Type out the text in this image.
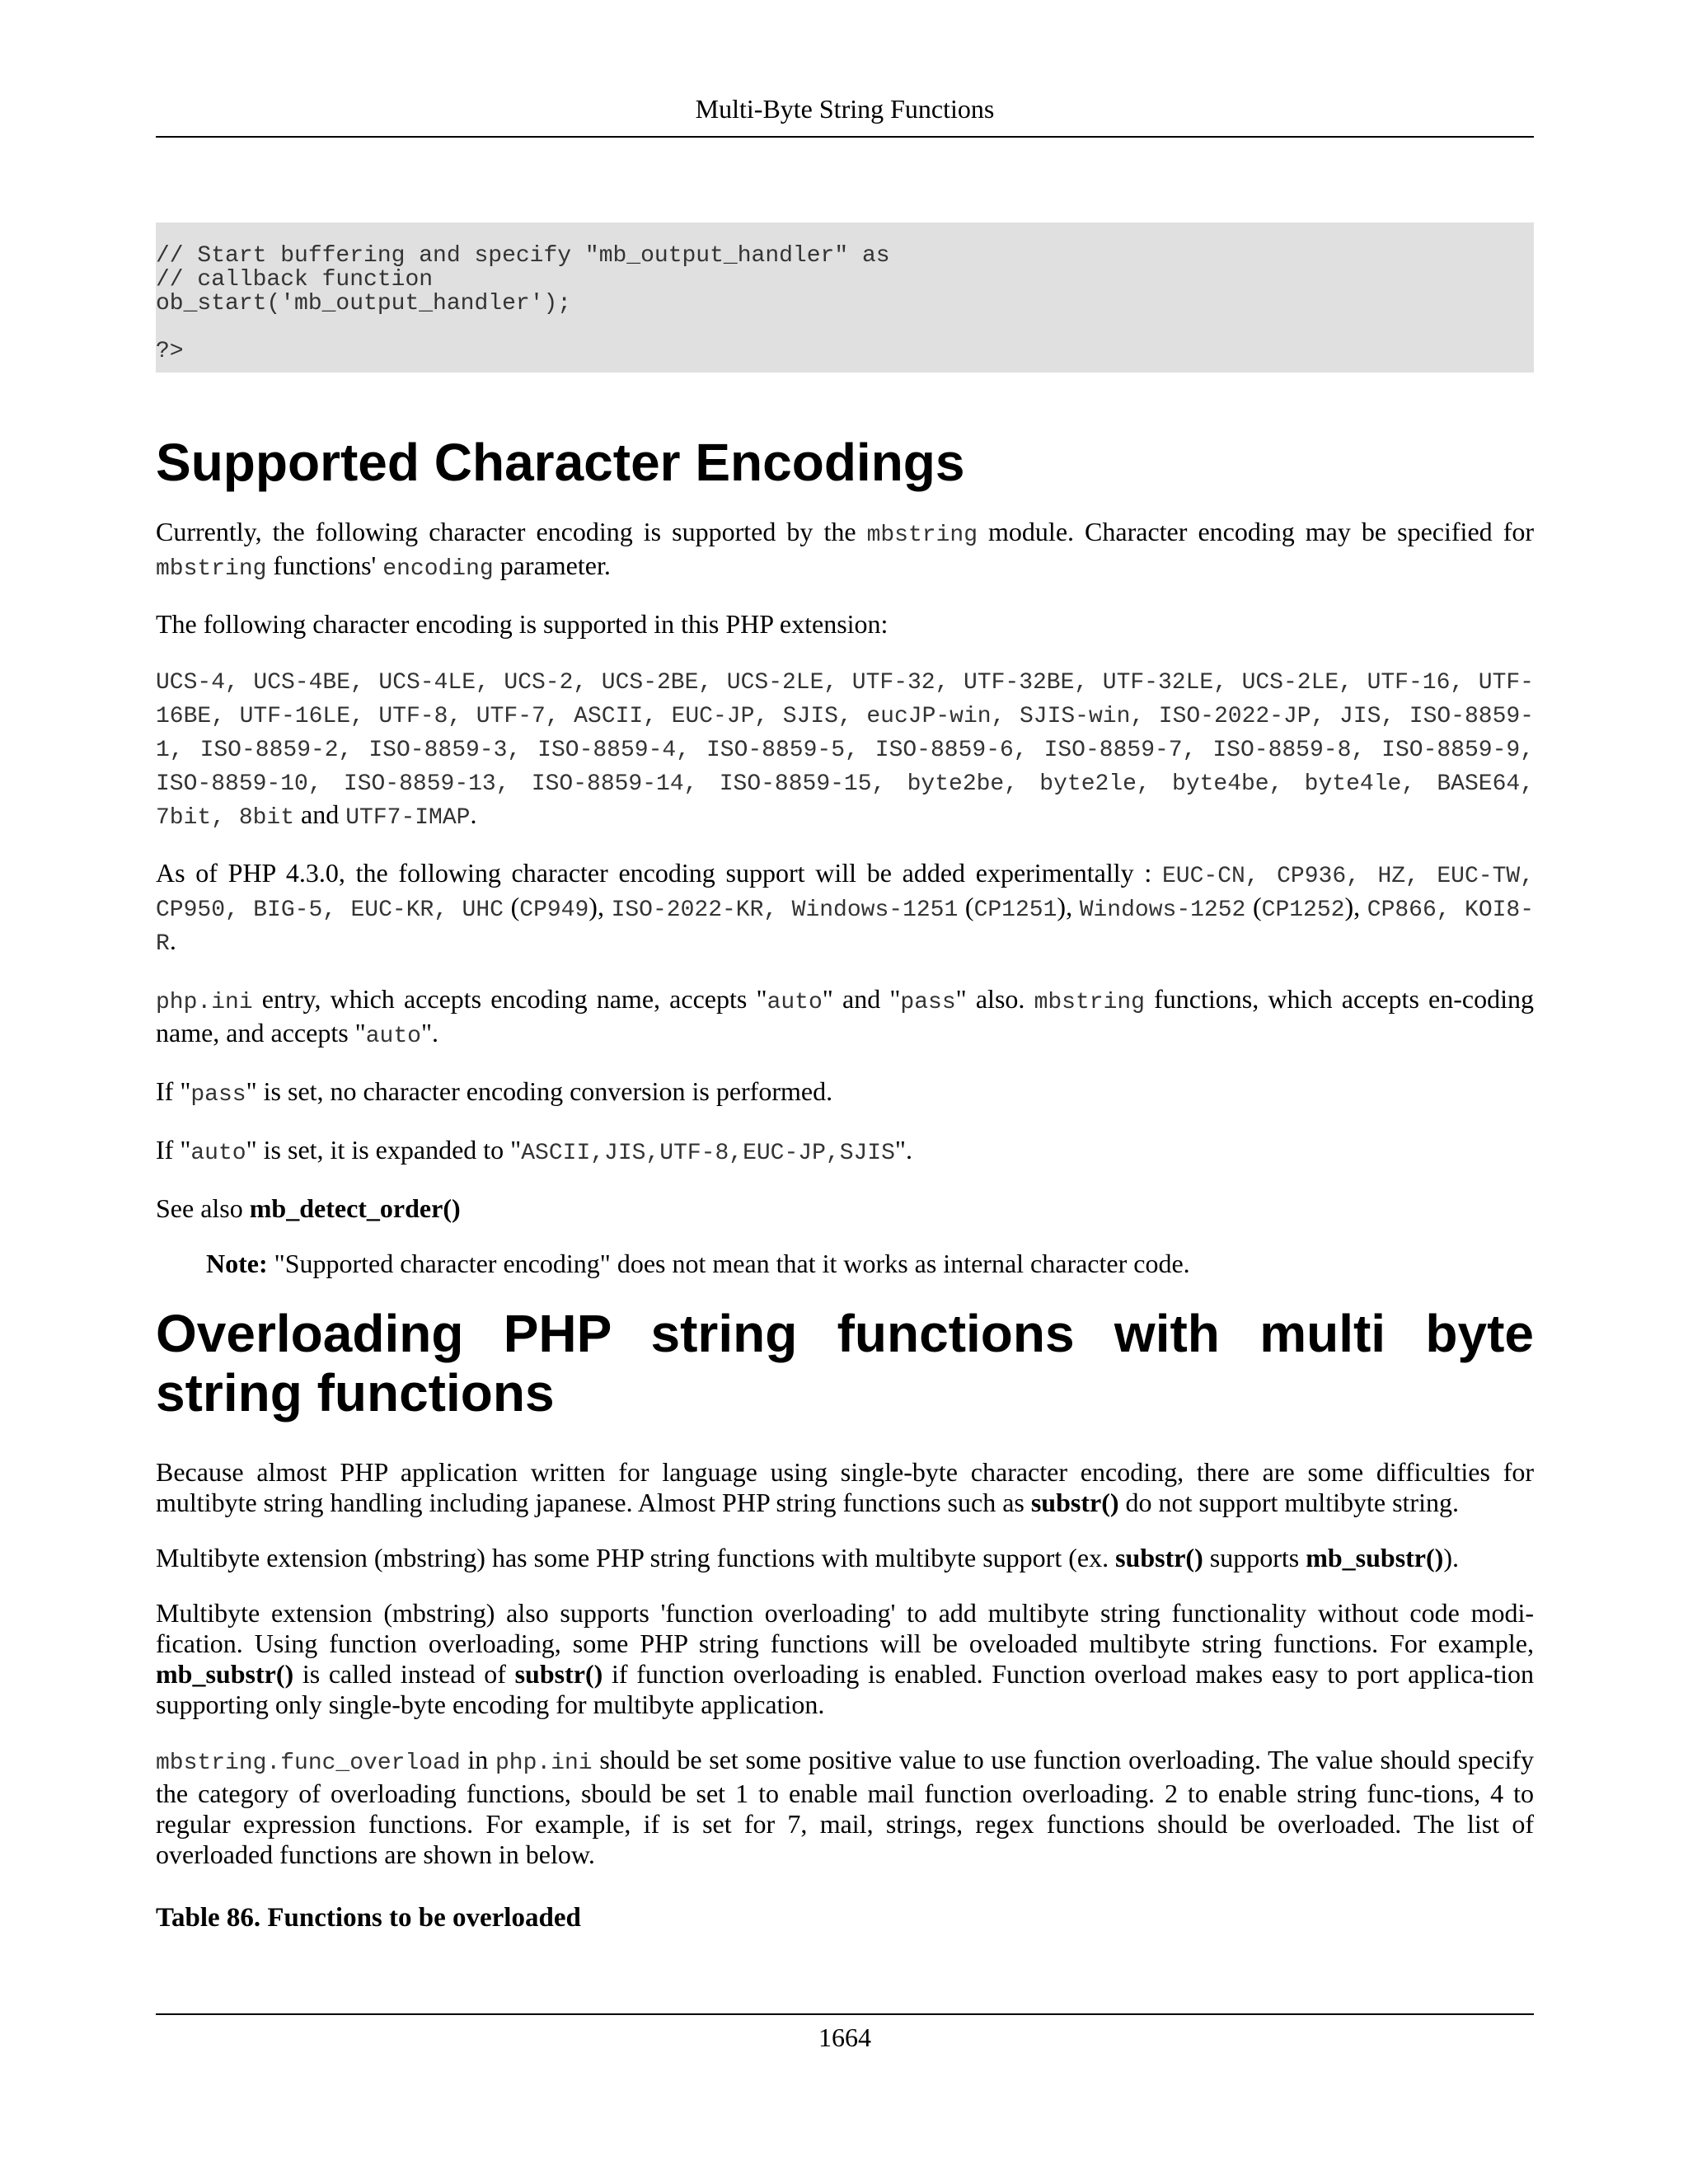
Multi-Byte String Functions
// Start buffering and specify "mb_output_handler" as
// callback function
ob_start('mb_output_handler');
?>
Supported Character Encodings

Currently, the following character encoding is supported by the mbstring module. Character encoding may be specified for mbstring functions' encoding parameter.

The following character encoding is supported in this PHP extension:

UCS-4, UCS-4BE, UCS-4LE, UCS-2, UCS-2BE, UCS-2LE, UTF-32, UTF-32BE, UTF-32LE, UCS-2LE, UTF-16, UTF-16BE, UTF-16LE, UTF-8, UTF-7, ASCII, EUC-JP, SJIS, eucJP-win, SJIS-win, ISO-2022-JP, JIS, ISO-8859-1, ISO-8859-2, ISO-8859-3, ISO-8859-4, ISO-8859-5, ISO-8859-6, ISO-8859-7, ISO-8859-8, ISO-8859-9, ISO-8859-10, ISO-8859-13, ISO-8859-14, ISO-8859-15, byte2be, byte2le, byte4be, byte4le, BASE64, 7bit, 8bit and UTF7-IMAP.

As of PHP 4.3.0, the following character encoding support will be added experimentally : EUC-CN, CP936, HZ, EUC-TW, CP950, BIG-5, EUC-KR, UHC (CP949), ISO-2022-KR, Windows-1251 (CP1251), Windows-1252 (CP1252), CP866, KOI8-R.

php.ini entry, which accepts encoding name, accepts "auto" and "pass" also. mbstring functions, which accepts en-coding name, and accepts "auto".

If "pass" is set, no character encoding conversion is performed.

If "auto" is set, it is expanded to "ASCII,JIS,UTF-8,EUC-JP,SJIS".

See also mb_detect_order()

Note: "Supported character encoding" does not mean that it works as internal character code.

Overloading PHP string functions with multi byte string functions

Because almost PHP application written for language using single-byte character encoding, there are some difficulties for multibyte string handling including japanese. Almost PHP string functions such as substr() do not support multibyte string.

Multibyte extension (mbstring) has some PHP string functions with multibyte support (ex. substr() supports mb_substr()).

Multibyte extension (mbstring) also supports 'function overloading' to add multibyte string functionality without code modi-fication. Using function overloading, some PHP string functions will be oveloaded multibyte string functions. For example, mb_substr() is called instead of substr() if function overloading is enabled. Function overload makes easy to port applica-tion supporting only single-byte encoding for multibyte application.

mbstring.func_overload in php.ini should be set some positive value to use function overloading. The value should specify the category of overloading functions, sbould be set 1 to enable mail function overloading. 2 to enable string func-tions, 4 to regular expression functions. For example, if is set for 7, mail, strings, regex functions should be overloaded. The list of overloaded functions are shown in below.

Table 86. Functions to be overloaded
1664
